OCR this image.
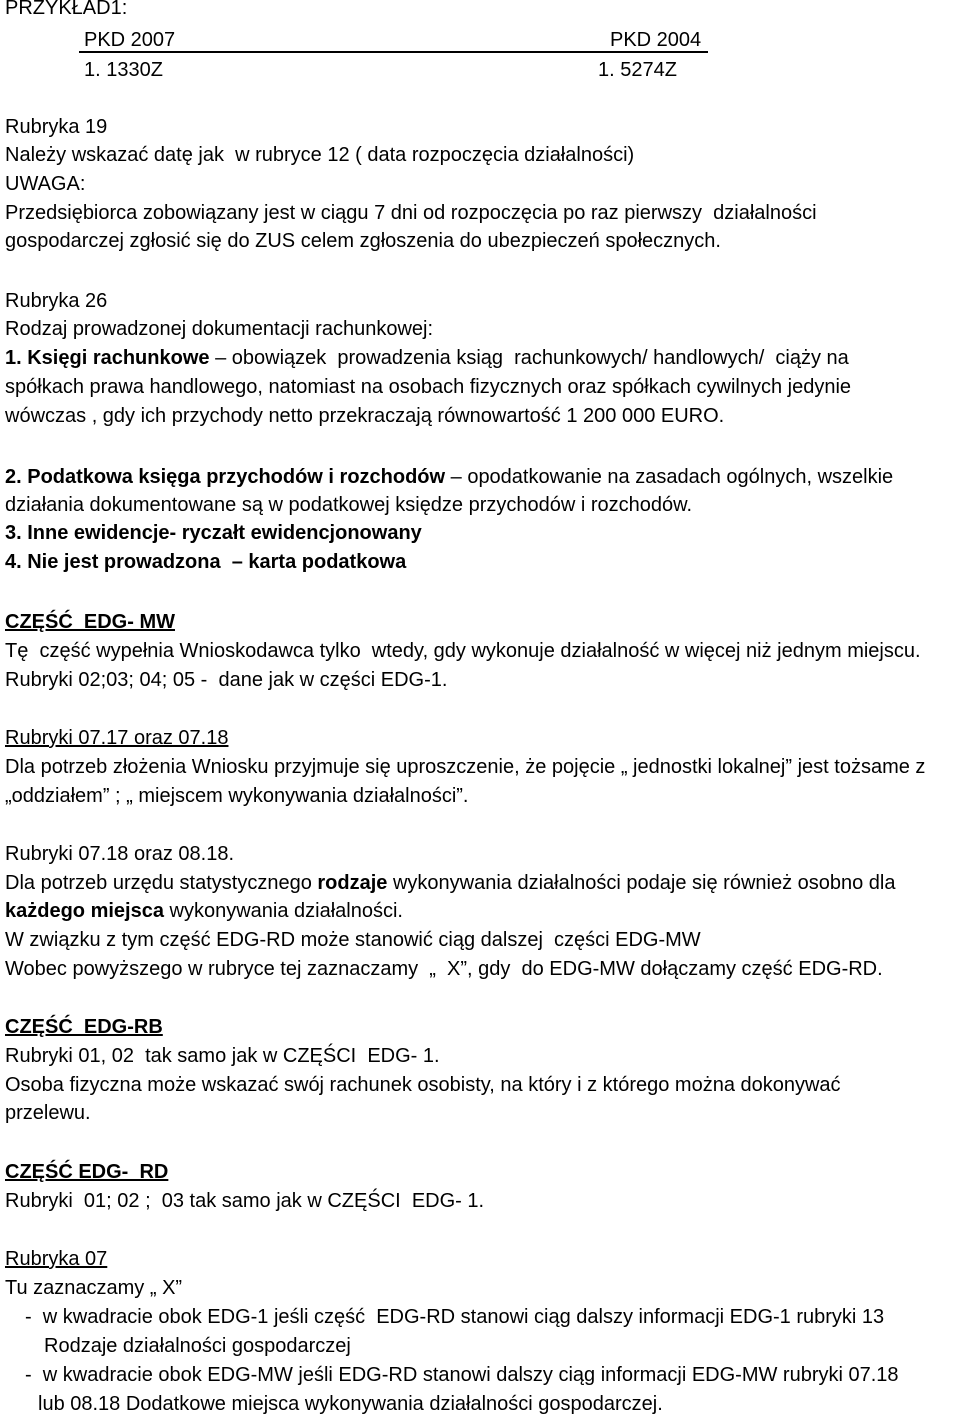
PRZYKŁAD1:
PKD 2007	PKD 2004
1. 1330Z	1. 5274Z
Rubryka 19
Należy wskazać datę jak  w rubryce 12 ( data rozpoczęcia działalności)
UWAGA:
Przedsiębiorca zobowiązany jest w ciągu 7 dni od rozpoczęcia po raz pierwszy  działalności
gospodarczej zgłosić się do ZUS celem zgłoszenia do ubezpieczeń społecznych.
Rubryka 26
Rodzaj prowadzonej dokumentacji rachunkowej:
1. Księgi rachunkowe – obowiązek  prowadzenia ksiąg  rachunkowych/ handlowych/  ciąży na
spółkach prawa handlowego, natomiast na osobach fizycznych oraz spółkach cywilnych jedynie
wówczas , gdy ich przychody netto przekraczają równowartość 1 200 000 EURO.
2. Podatkowa księga przychodów i rozchodów – opodatkowanie na zasadach ogólnych, wszelkie
działania dokumentowane są w podatkowej księdze przychodów i rozchodów.
3. Inne ewidencje- ryczałt ewidencjonowany
4. Nie jest prowadzona  – karta podatkowa
CZĘŚĆ  EDG- MW
Tę  część wypełnia Wnioskodawca tylko  wtedy, gdy wykonuje działalność w więcej niż jednym miejscu.
Rubryki 02;03; 04; 05 -  dane jak w części EDG-1.
Rubryki 07.17 oraz 07.18
Dla potrzeb złożenia Wniosku przyjmuje się uproszczenie, że pojęcie „ jednostki lokalnej” jest tożsame z
„oddziałem” ; „ miejscem wykonywania działalności”.
Rubryki 07.18 oraz 08.18.
Dla potrzeb urzędu statystycznego rodzaje wykonywania działalności podaje się również osobno dla
każdego miejsca wykonywania działalności.
W związku z tym część EDG-RD może stanowić ciąg dalszej  części EDG-MW
Wobec powyższego w rubryce tej zaznaczamy  „  X”, gdy  do EDG-MW dołączamy część EDG-RD.
CZĘŚĆ  EDG-RB
Rubryki 01, 02  tak samo jak w CZĘŚCI  EDG- 1.
Osoba fizyczna może wskazać swój rachunek osobisty, na który i z którego można dokonywać
przelewu.
CZĘŚĆ EDG-  RD
Rubryki  01; 02 ;  03 tak samo jak w CZĘŚCI  EDG- 1.
Rubryka 07
Tu zaznaczamy „ X”
-  w kwadracie obok EDG-1 jeśli część  EDG-RD stanowi ciąg dalszy informacji EDG-1 rubryki 13
Rodzaje działalności gospodarczej
-  w kwadracie obok EDG-MW jeśli EDG-RD stanowi dalszy ciąg informacji EDG-MW rubryki 07.18
lub 08.18 Dodatkowe miejsca wykonywania działalności gospodarczej.
